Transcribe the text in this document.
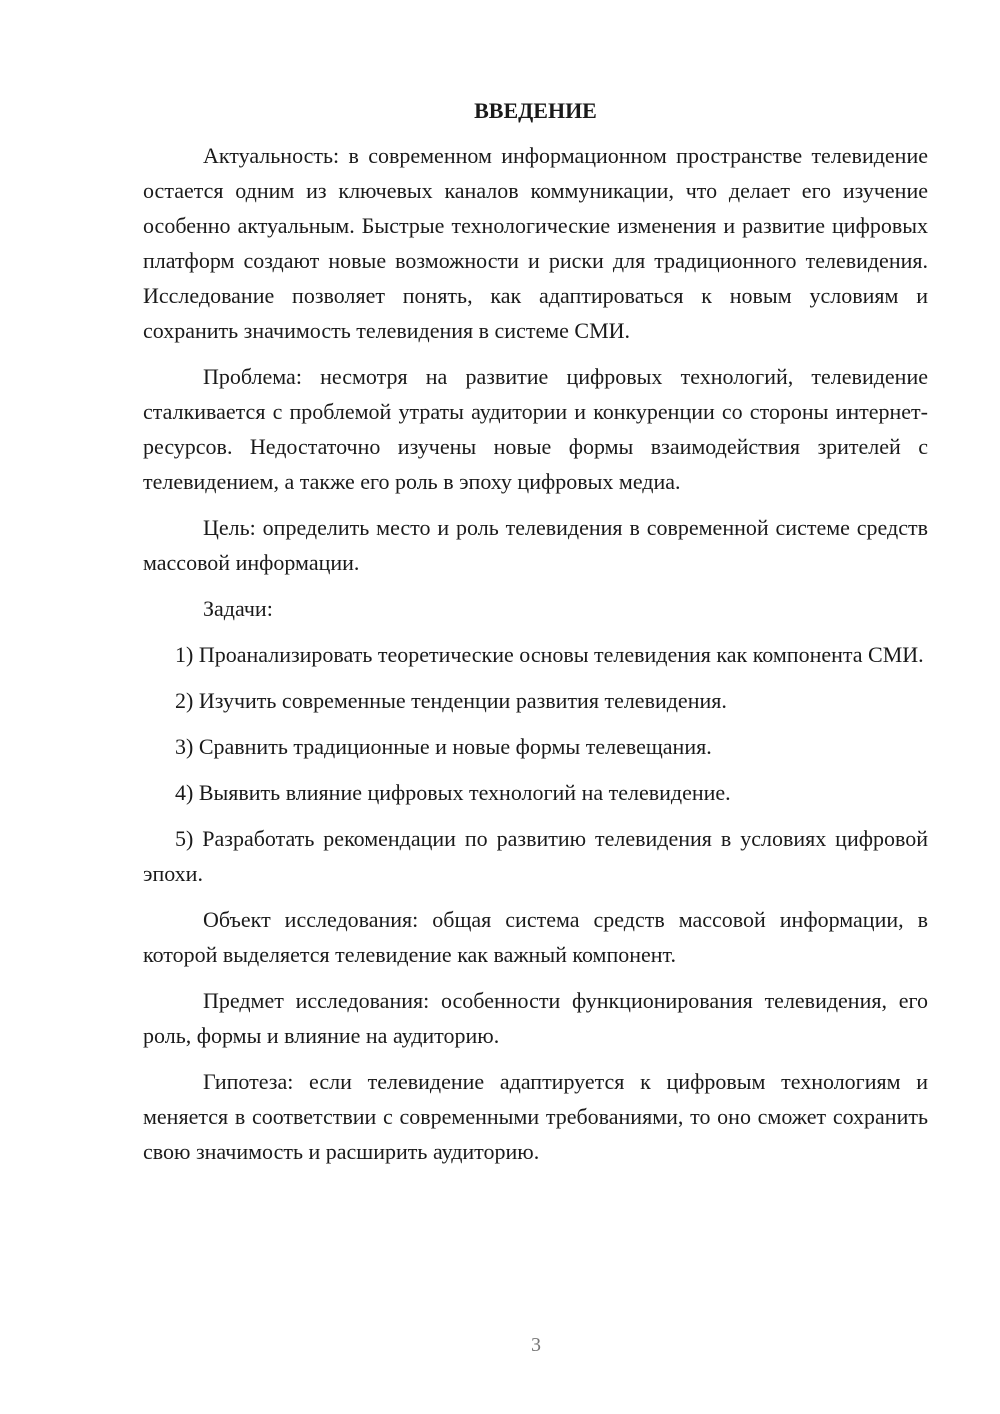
ВВЕДЕНИЕ

Актуальность: в современном информационном пространстве телевидение остается одним из ключевых каналов коммуникации, что делает его изучение особенно актуальным. Быстрые технологические изменения и развитие цифровых платформ создают новые возможности и риски для традиционного телевидения. Исследование позволяет понять, как адаптироваться к новым условиям и сохранить значимость телевидения в системе СМИ.

Проблема: несмотря на развитие цифровых технологий, телевидение сталкивается с проблемой утраты аудитории и конкуренции со стороны интернет-ресурсов. Недостаточно изучены новые формы взаимодействия зрителей с телевидением, а также его роль в эпоху цифровых медиа.

Цель: определить место и роль телевидения в современной системе средств массовой информации.

Задачи:

1) Проанализировать теоретические основы телевидения как компонента СМИ.

2) Изучить современные тенденции развития телевидения.

3) Сравнить традиционные и новые формы телевещания.

4) Выявить влияние цифровых технологий на телевидение.

5) Разработать рекомендации по развитию телевидения в условиях цифровой эпохи.

Объект исследования: общая система средств массовой информации, в которой выделяется телевидение как важный компонент.

Предмет исследования: особенности функционирования телевидения, его роль, формы и влияние на аудиторию.

Гипотеза: если телевидение адаптируется к цифровым технологиям и меняется в соответствии с современными требованиями, то оно сможет сохранить свою значимость и расширить аудиторию.

3
